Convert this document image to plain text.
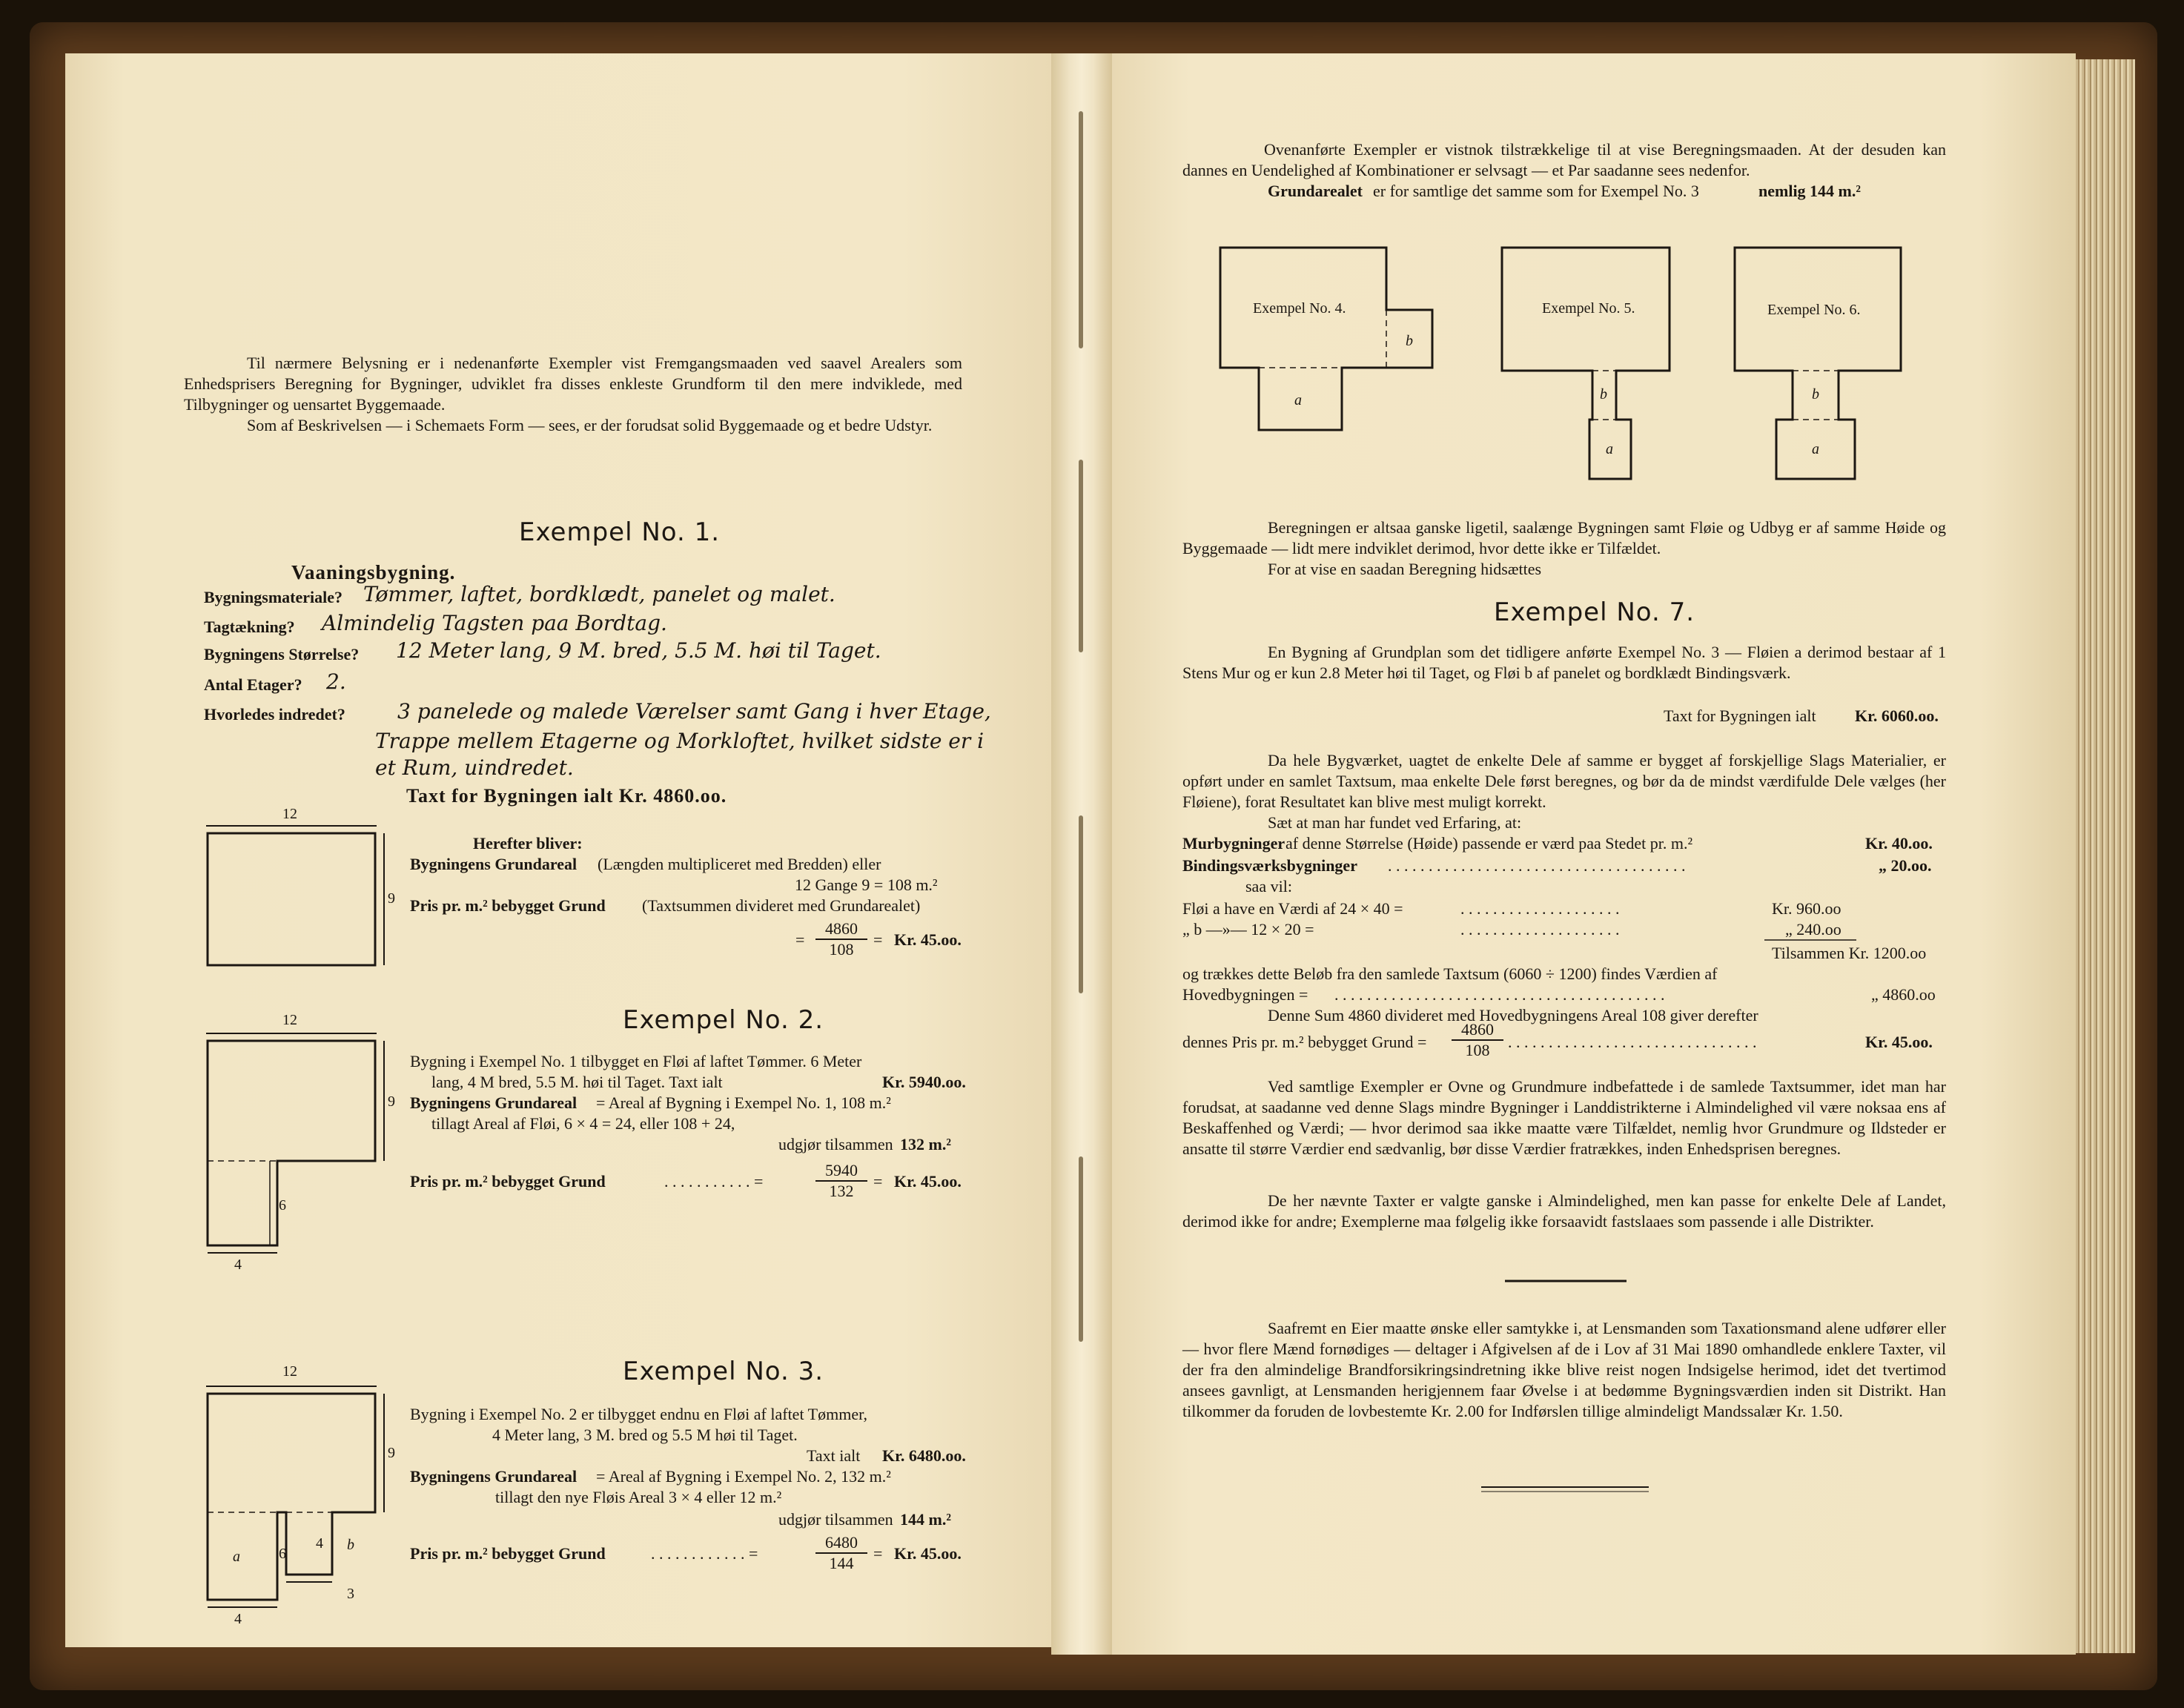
Til nærmere Belysning er i nedenanførte Exempler vist Fremgangsmaaden ved saavel Arealers som Enhedsprisers Beregning for Bygninger, udviklet fra disses enkleste Grundform til den mere indviklede, med Tilbygninger og uensartet Byggemaade.
Som af Beskrivelsen — i Schemaets Form — sees, er der forudsat solid Byggemaade og et bedre Udstyr.
Exempel No. 1.
Vaaningsbygning.
Bygningsmateriale? Tømmer, laftet, bordklædt, panelet og malet.
Tagtækning? Almindelig Tagsten paa Bordtag.
Bygningens Størrelse? 12 Meter lang, 9 M. bred, 5.5 M. høi til Taget.
Antal Etager? 2.
Hvorledes indredet?	3 panelede og malede Værelser samt Gang i hver Etage,
Trappe mellem Etagerne og Morkloftet, hvilket sidste er i
et Rum, uindredet.
Taxt for Bygningen ialt Kr. 4860.oo.
12
9
Herefter bliver:
Bygningens Grundareal (Længden multipliceret med Bredden) eller
12 Gange 9 = 108 m.²
Pris pr. m.² bebygget Grund (Taxtsummen divideret med Grundarealet)
= $\frac{4860}{108} = Kr$. 45.oo.
Exempel No. 2.
12
9
6
4
Bygning i Exempel No. 1 tilbygget en Fløi af laftet Tømmer. 6 Meter
lang, 4 M bred, 5.5 M. høi til Taget. Taxt ialt	Kr. 5940.oo.
Bygningens Grundareal = Areal af Bygning i Exempel No. 1, 108 m.²
tillagt Areal af Fløi, 6 × 4 = 24, eller 108 + 24,
udgjør tilsammen 132 m.²
Pris pr. m.² bebygget Grund	. . . . . . . . . . . =	$\frac{5940}{132} = Kr$. 45.oo.
Exempel No. 3.
12
9
6
4
4
3
a
b
Bygning i Exempel No. 2 er tilbygget endnu en Fløi af laftet Tømmer,
4 Meter lang, 3 M. bred og 5.5 M høi til Taget.
Taxt ialt Kr. 6480.oo.
Bygningens Grundareal = Areal af Bygning i Exempel No. 2, 132 m.²
tillagt den nye Fløis Areal 3 × 4 eller 12 m.²
udgjør tilsammen 144 m.²
Pris pr. m.² bebygget Grund	. . . . . . . . . . . . =	$\frac{6480}{144} = Kr$. 45.oo.
Ovenanførte Exempler er vistnok tilstrækkelige til at vise Beregningsmaaden. At der desuden kan dannes en Uendelighed af Kombinationer er selvsagt — et Par saadanne sees nedenfor.
Grundarealet er for samtlige det samme som for Exempel No. 3	nemlig 144 m.²
Exempel No. 4.
b
a
Exempel No. 5.
b
a
Exempel No. 6.
b
a
Beregningen er altsaa ganske ligetil, saalænge Bygningen samt Fløie og Udbyg er af samme Høide og Byggemaade — lidt mere indviklet derimod, hvor dette ikke er Tilfældet.
For at vise en saadan Beregning hidsættes
Exempel No. 7.
En Bygning af Grundplan som det tidligere anførte Exempel No. 3 — Fløien a derimod bestaar af 1 Stens Mur og er kun 2.8 Meter høi til Taget, og Fløi b af panelet og bordklædt Bindingsværk.
Taxt for Bygningen ialt Kr. 6060.oo.
Da hele Bygværket, uagtet de enkelte Dele af samme er bygget af forskjellige Slags Materialier, er opført under en samlet Taxtsum, maa enkelte Dele først beregnes, og bør da de mindst værdifulde Dele vælges (her Fløiene), forat Resultatet kan blive mest muligt korrekt.
Sæt at man har fundet ved Erfaring, at:
Murbygninger af denne Størrelse (Høide) passende er værd paa Stedet pr. m.²	Kr. 40.oo.
Bindingsværksbygninger . . . . . . . . . . . . . . . . . . . . . . . . . . . . . . . . . . . . .	„ 20.oo.
saa vil:
Fløi a have en Værdi af 24 × 40 =	. . . . . . . . . . . . . . . . . . . .	Kr. 960.oo
„ b —»— 12 × 20 =	. . . . . . . . . . . . . . . . . . . .	„ 240.oo
Tilsammen Kr. 1200.oo
og trækkes dette Beløb fra den samlede Taxtsum (6060 ÷ 1200) findes Værdien af
Hovedbygningen = . . . . . . . . . . . . . . . . . . . . . . . . . . . . . . . . . . . . . . . . .	„ 4860.oo
Denne Sum 4860 divideret med Hovedbygningens Areal 108 giver derefter
dennes Pris pr. m.² bebygget Grund = $\frac{4860}{108}$ . . . . . . . . . . . . . . . . . . . . . . . . . . . . . . .	Kr. 45.oo.
Ved samtlige Exempler er Ovne og Grundmure indbefattede i de samlede Taxtsummer, idet man har forudsat, at saadanne ved denne Slags mindre Bygninger i Landdistrikterne i Almindelighed vil være noksaa ens af Beskaffenhed og Værdi; — hvor derimod saa ikke maatte være Tilfældet, nemlig hvor Grundmure og Ildsteder er ansatte til større Værdier end sædvanlig, bør disse Værdier fratrækkes, inden Enhedsprisen beregnes.
De her nævnte Taxter er valgte ganske i Almindelighed, men kan passe for enkelte Dele af Landet, derimod ikke for andre; Exemplerne maa følgelig ikke forsaavidt fastslaaes som passende i alle Distrikter.
Saafremt en Eier maatte ønske eller samtykke i, at Lensmanden som Taxationsmand alene udfører eller — hvor flere Mænd fornødiges — deltager i Afgivelsen af de i Lov af 31 Mai 1890 omhandlede enklere Taxter, vil der fra den almindelige Brandforsikringsindretning ikke blive reist nogen Indsigelse herimod, idet det tvertimod ansees gavnligt, at Lensmanden herigjennem faar Øvelse i at bedømme Bygningsværdien inden sit Distrikt. Han tilkommer da foruden de lovbestemte Kr. 2.00 for Indførslen tillige almindeligt Mandssalær Kr. 1.50.
